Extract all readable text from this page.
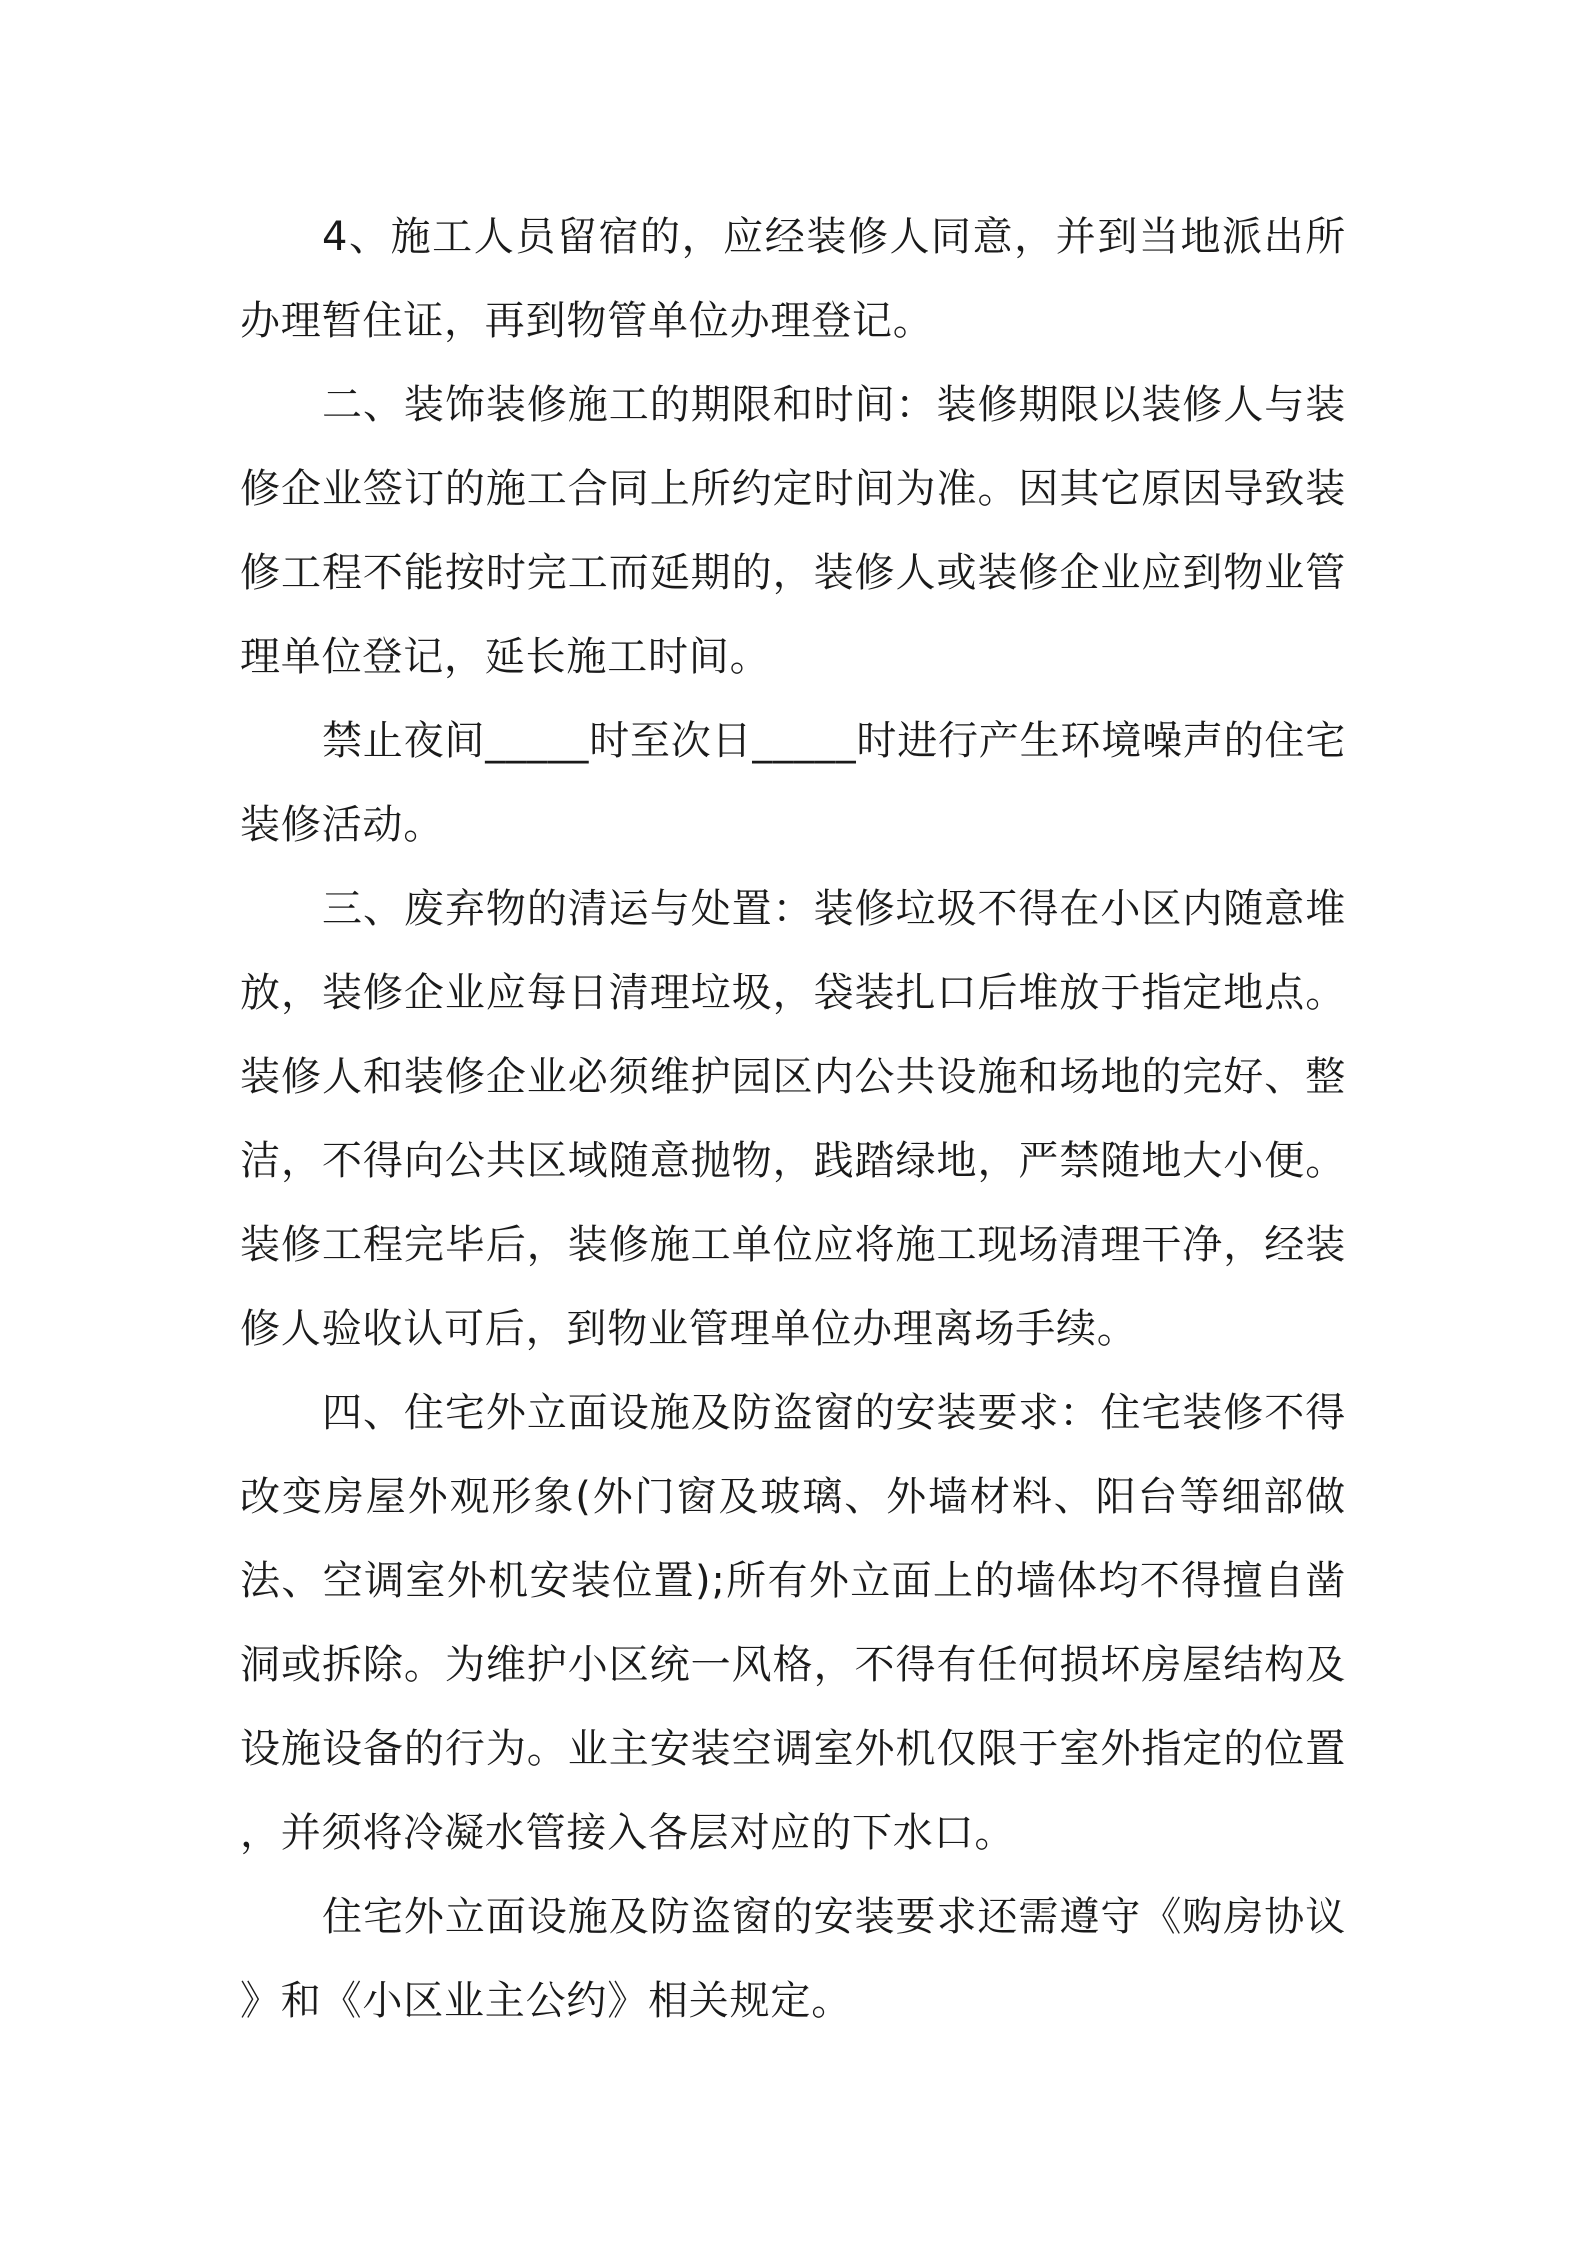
4、施工人员留宿的，应经装修人同意，并到当地派出所办理暂住证，再到物管单位办理登记。

二、装饰装修施工的期限和时间：装修期限以装修人与装修企业签订的施工合同上所约定时间为准。因其它原因导致装修工程不能按时完工而延期的，装修人或装修企业应到物业管理单位登记，延长施工时间。

禁止夜间_____时至次日_____时进行产生环境噪声的住宅装修活动。

三、废弃物的清运与处置：装修垃圾不得在小区内随意堆放，装修企业应每日清理垃圾，袋装扎口后堆放于指定地点。装修人和装修企业必须维护园区内公共设施和场地的完好、整洁，不得向公共区域随意抛物，践踏绿地，严禁随地大小便。装修工程完毕后，装修施工单位应将施工现场清理干净，经装修人验收认可后，到物业管理单位办理离场手续。

四、住宅外立面设施及防盗窗的安装要求：住宅装修不得改变房屋外观形象(外门窗及玻璃、外墙材料、阳台等细部做法、空调室外机安装位置);所有外立面上的墙体均不得擅自凿洞或拆除。为维护小区统一风格，不得有任何损坏房屋结构及设施设备的行为。业主安装空调室外机仅限于室外指定的位置，并须将冷凝水管接入各层对应的下水口。

住宅外立面设施及防盗窗的安装要求还需遵守《购房协议》和《小区业主公约》相关规定。
